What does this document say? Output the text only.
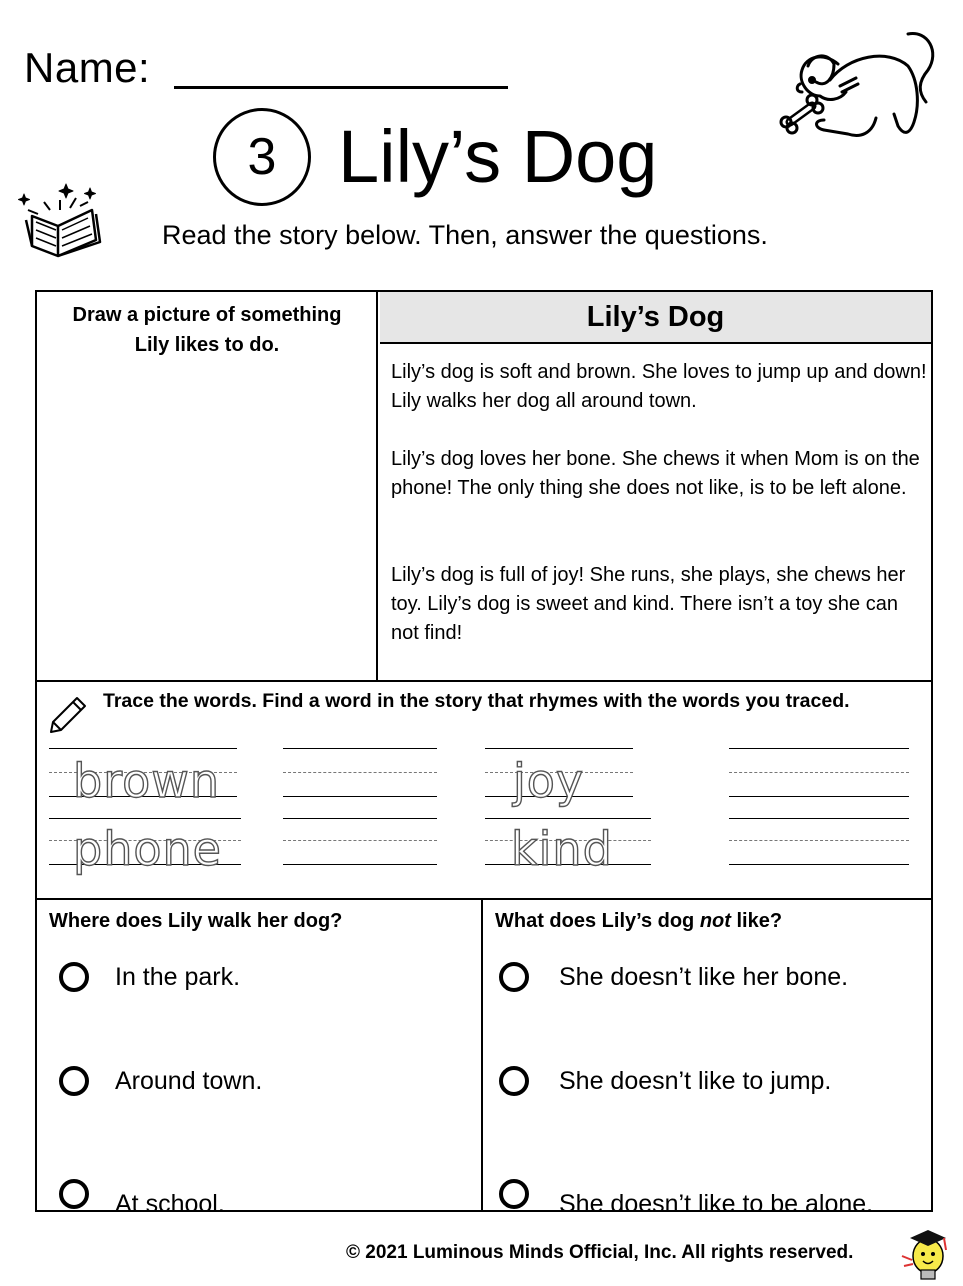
Name:
3 Lily’s Dog
Read the story below. Then, answer the questions.
Draw a picture of something
Lily likes to do.
Lily’s Dog
Lily’s dog is soft and brown. She loves to jump up and down! Lily walks her dog all around town.
Lily’s dog loves her bone. She chews it when Mom is on the phone! The only thing she does not like, is to be left alone.
Lily’s dog is full of joy! She runs, she plays, she chews her toy. Lily’s dog is sweet and kind. There isn’t a toy she can not find!
Trace the words. Find a word in the story that rhymes with the words you traced.
brown
phone
joy
kind
Where does Lily walk her dog?
In the park.
Around town.
At school.
What does Lily’s dog not like?
She doesn’t like her bone.
She doesn’t like to jump.
She doesn’t like to be alone.
© 2021 Luminous Minds Official, Inc. All rights reserved.
